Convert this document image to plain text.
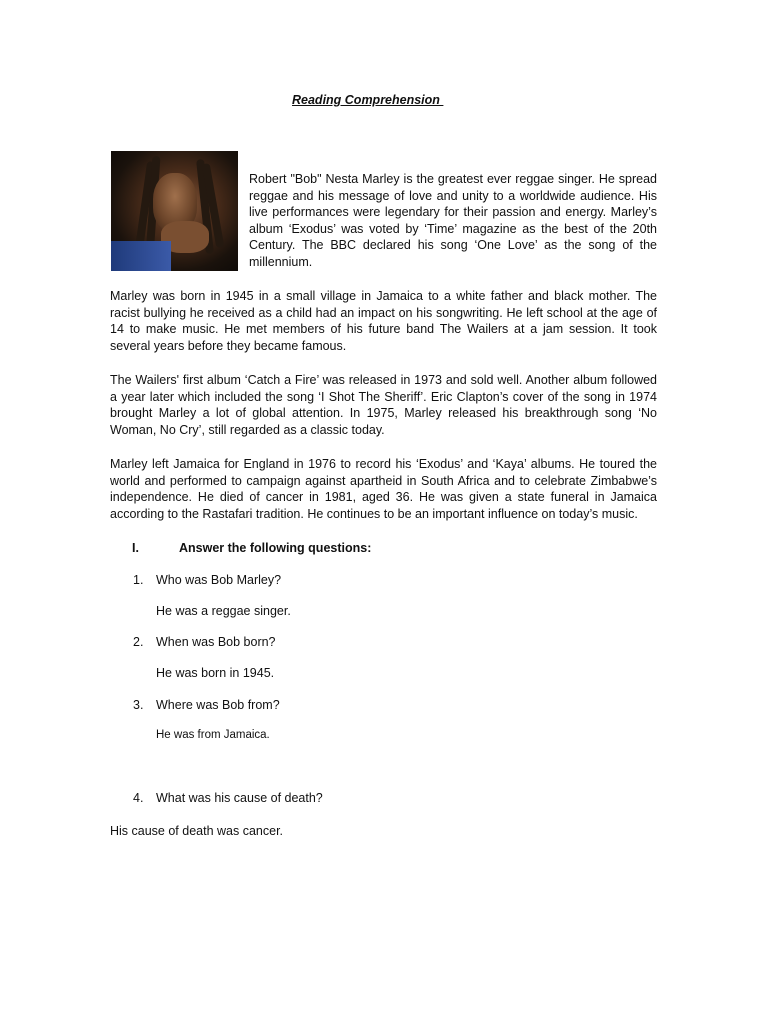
Reading Comprehension

Robert "Bob" Nesta Marley is the greatest ever reggae singer. He spread reggae and his message of love and unity to a worldwide audience. His live performances were legendary for their passion and energy. Marley’s album ‘Exodus’ was voted by ‘Time’ magazine as the best of the 20th Century. The BBC declared his song ‘One Love’ as the song of the millennium.

Marley was born in 1945 in a small village in Jamaica to a white father and black mother. The racist bullying he received as a child had an impact on his songwriting. He left school at the age of 14 to make music. He met members of his future band The Wailers at a jam session. It took several years before they became famous.

The Wailers' first album ‘Catch a Fire’ was released in 1973 and sold well. Another album followed a year later which included the song ‘I Shot The Sheriff’. Eric Clapton’s cover of the song in 1974 brought Marley a lot of global attention. In 1975, Marley released his breakthrough song ‘No Woman, No Cry’, still regarded as a classic today.

Marley left Jamaica for England in 1976 to record his ‘Exodus’ and ‘Kaya’ albums. He toured the world and performed to campaign against apartheid in South Africa and to celebrate Zimbabwe’s independence. He died of cancer in 1981, aged 36. He was given a state funeral in Jamaica according to the Rastafari tradition. He continues to be an important influence on today’s music.

I.	Answer the following questions:
1. Who was Bob Marley?
He was a reggae singer.
2. When was Bob born?
He was born in 1945.
3. Where was Bob from?
He was from Jamaica.
4. What was his cause of death?
His cause of death was cancer.
